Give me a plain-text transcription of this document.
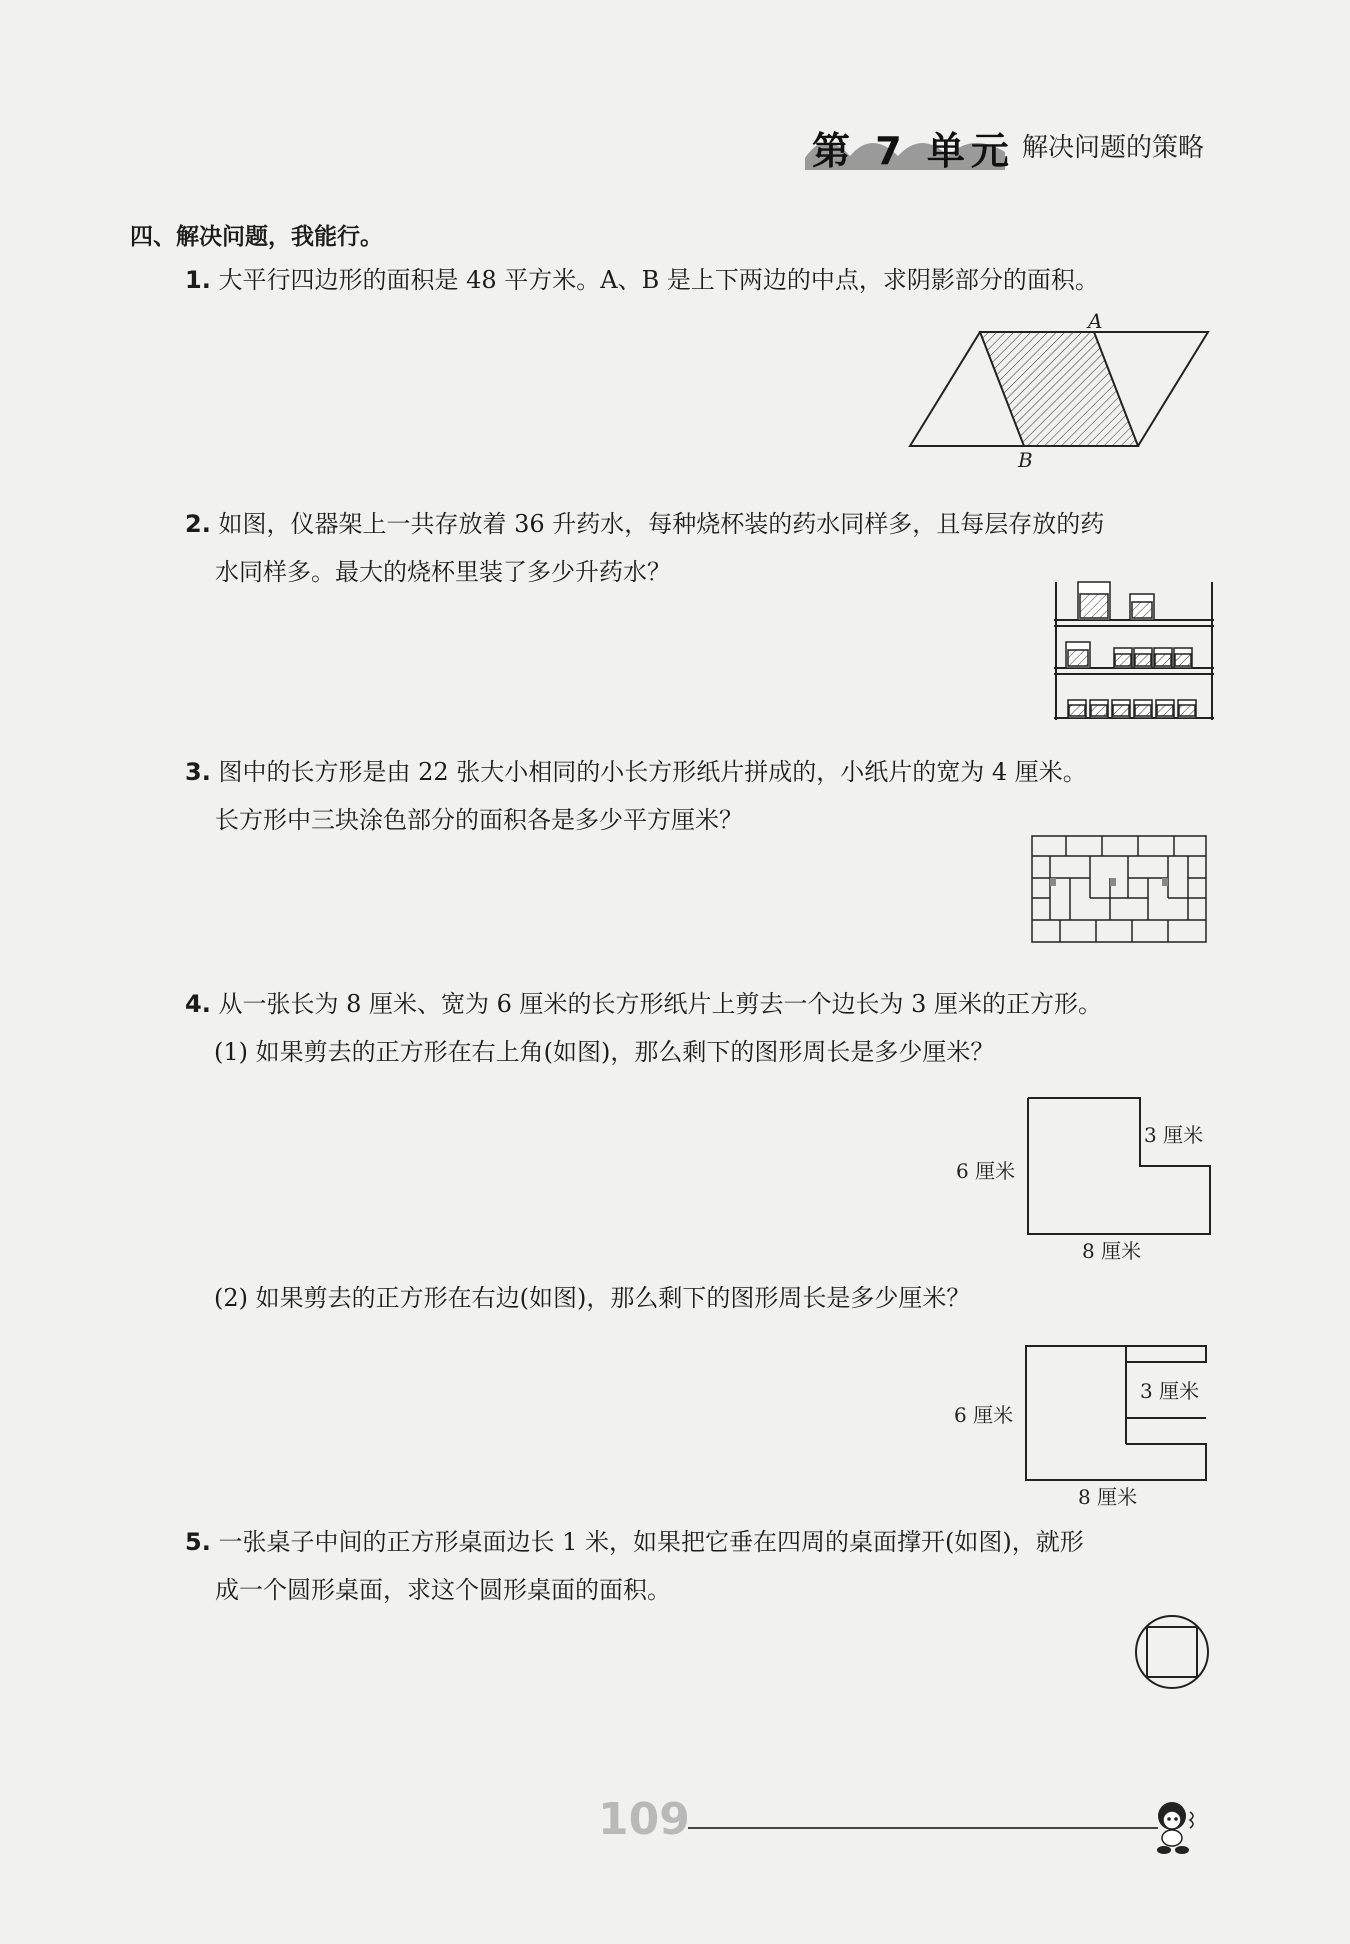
第 7 单元 解决问题的策略
四、解决问题，我能行。
1. 大平行四边形的面积是 48 平方米。A、B 是上下两边的中点，求阴影部分的面积。
A
B
2. 如图，仪器架上一共存放着 36 升药水，每种烧杯装的药水同样多，且每层存放的药
水同样多。最大的烧杯里装了多少升药水？
3. 图中的长方形是由 22 张大小相同的小长方形纸片拼成的，小纸片的宽为 4 厘米。
长方形中三块涂色部分的面积各是多少平方厘米？
4. 从一张长为 8 厘米、宽为 6 厘米的长方形纸片上剪去一个边长为 3 厘米的正方形。
(1) 如果剪去的正方形在右上角(如图)，那么剩下的图形周长是多少厘米？
3 厘米
6 厘米
8 厘米
(2) 如果剪去的正方形在右边(如图)，那么剩下的图形周长是多少厘米？
3 厘米
6 厘米
8 厘米
5. 一张桌子中间的正方形桌面边长 1 米，如果把它垂在四周的桌面撑开(如图)，就形
成一个圆形桌面，求这个圆形桌面的面积。
109
